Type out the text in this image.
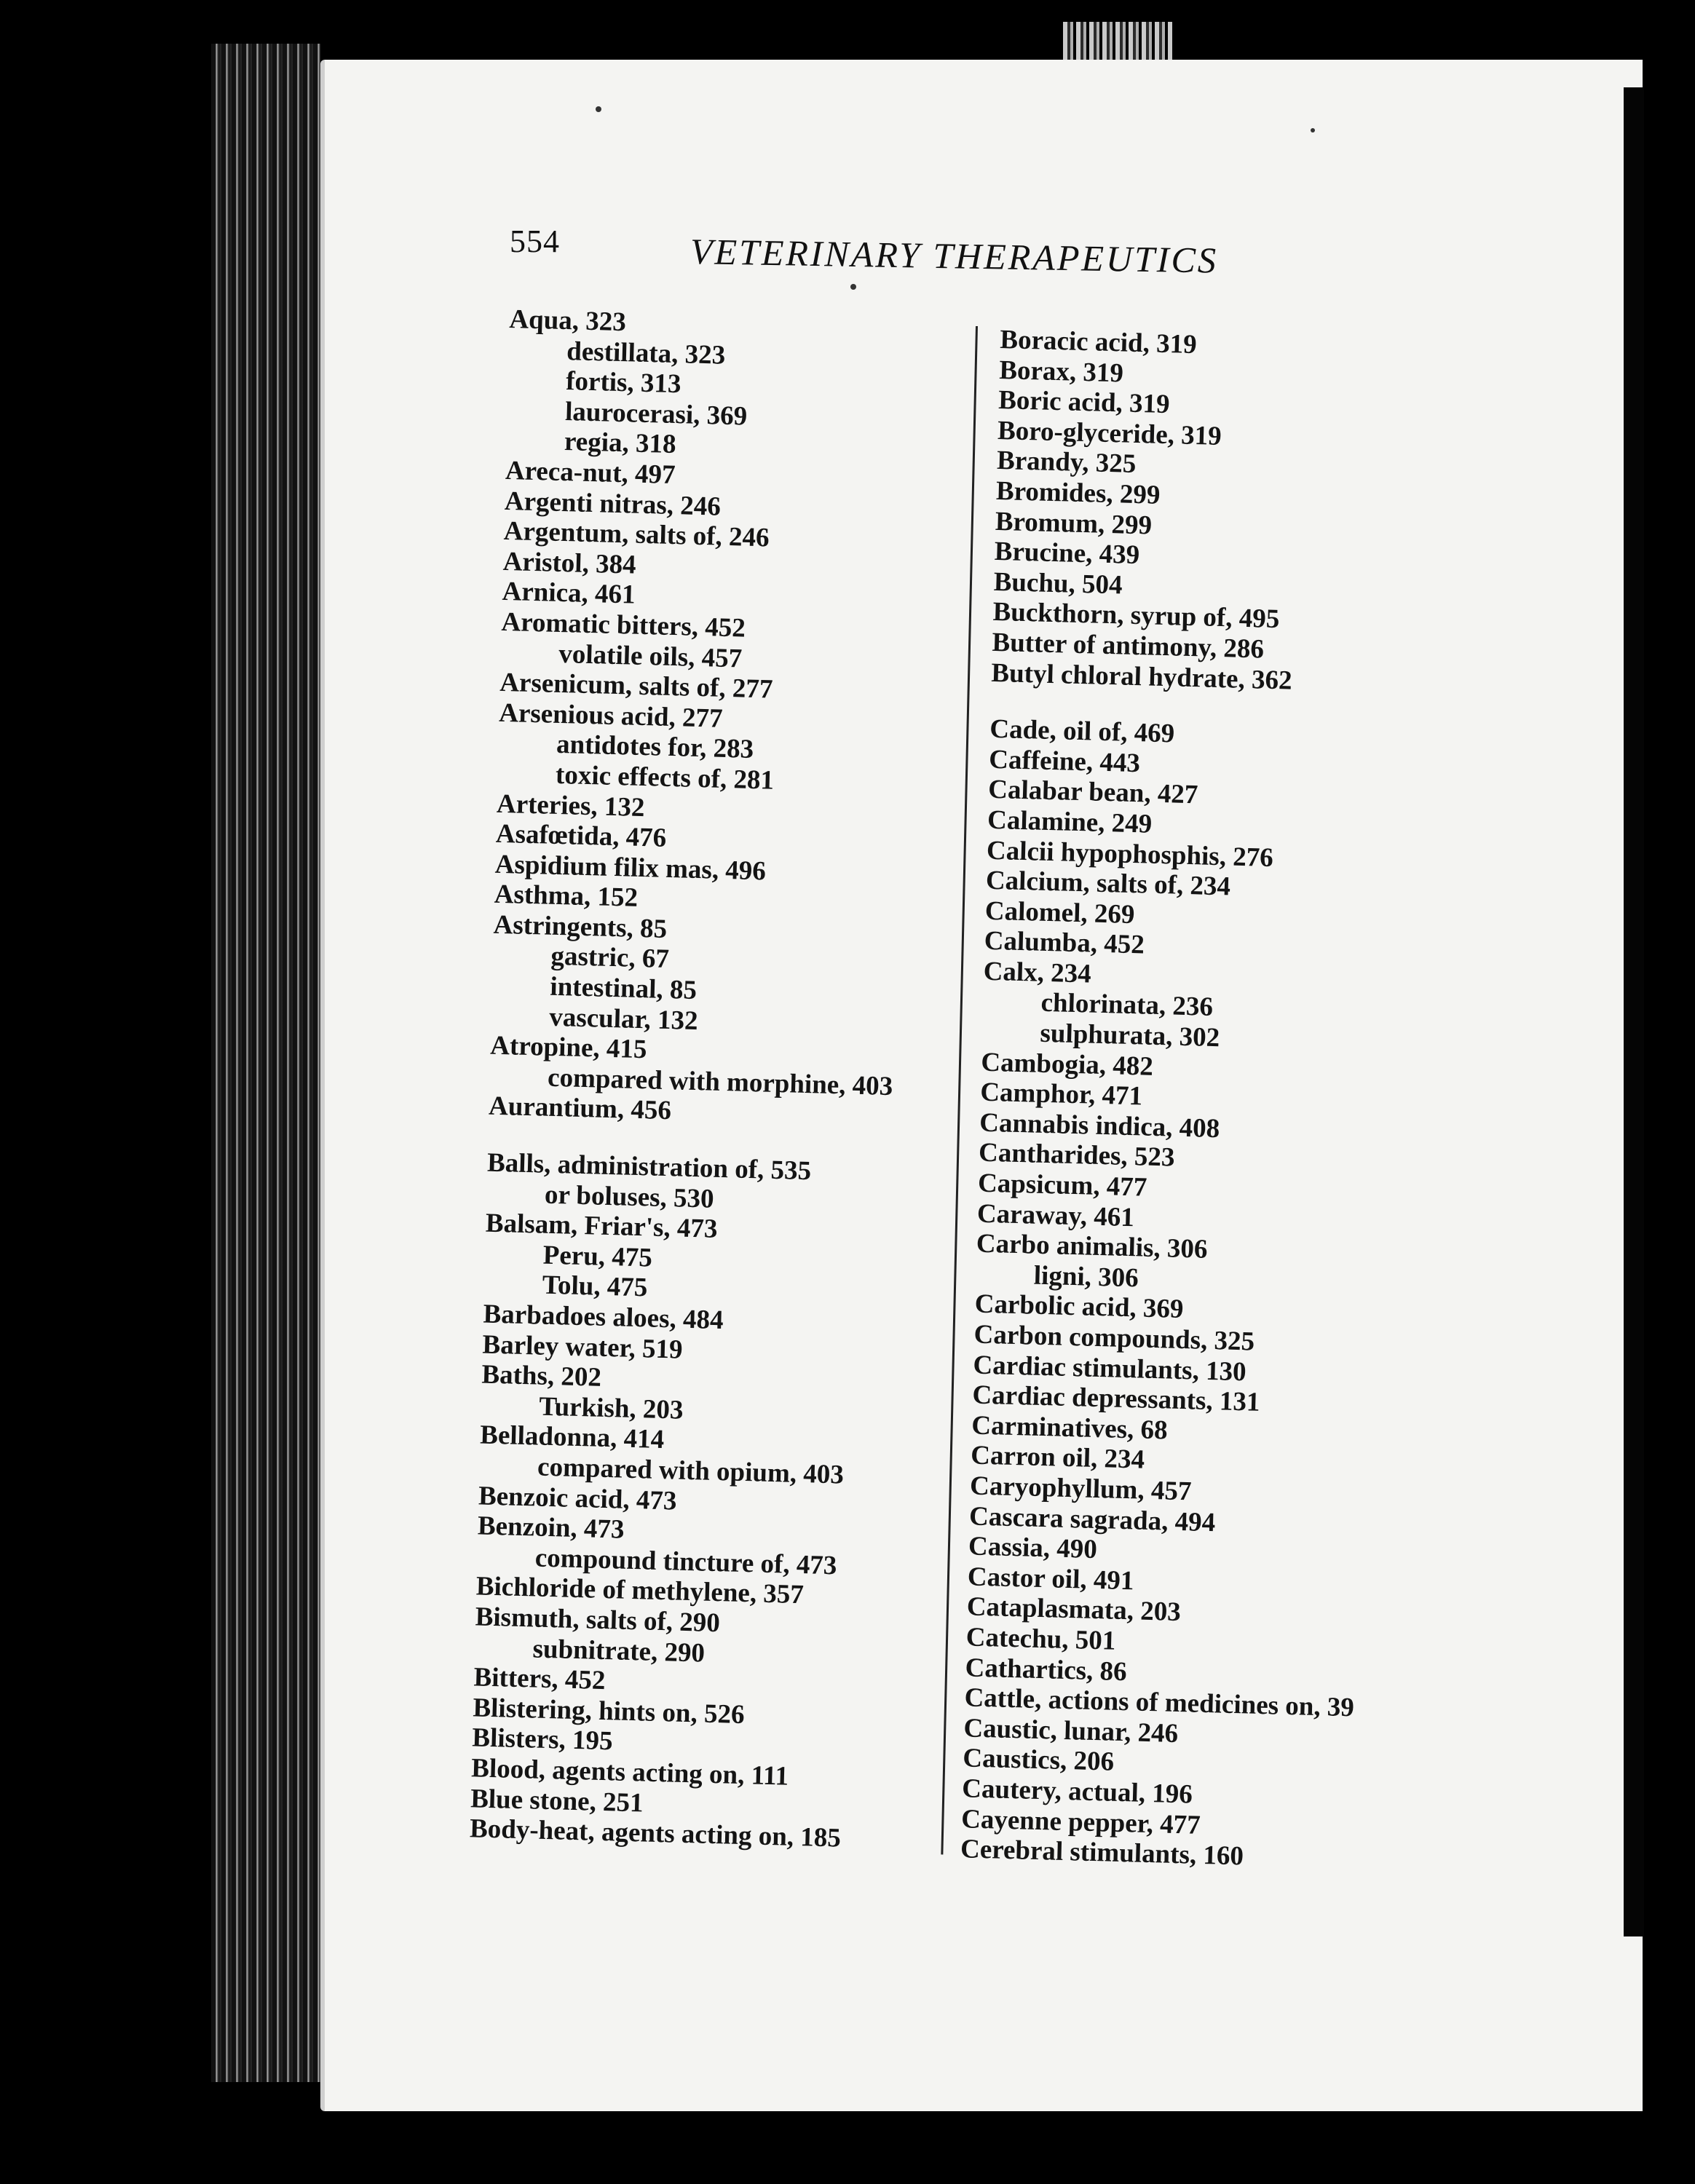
554	VETERINARY THERAPEUTICS
Aqua, 323
destillata, 323
fortis, 313
laurocerasi, 369
regia, 318
Areca-nut, 497
Argenti nitras, 246
Argentum, salts of, 246
Aristol, 384
Arnica, 461
Aromatic bitters, 452
volatile oils, 457
Arsenicum, salts of, 277
Arsenious acid, 277
antidotes for, 283
toxic effects of, 281
Arteries, 132
Asafœtida, 476
Aspidium filix mas, 496
Asthma, 152
Astringents, 85
gastric, 67
intestinal, 85
vascular, 132
Atropine, 415
compared with morphine, 403
Aurantium, 456
Balls, administration of, 535
or boluses, 530
Balsam, Friar's, 473
Peru, 475
Tolu, 475
Barbadoes aloes, 484
Barley water, 519
Baths, 202
Turkish, 203
Belladonna, 414
compared with opium, 403
Benzoic acid, 473
Benzoin, 473
compound tincture of, 473
Bichloride of methylene, 357
Bismuth, salts of, 290
subnitrate, 290
Bitters, 452
Blistering, hints on, 526
Blisters, 195
Blood, agents acting on, 111
Blue stone, 251
Body-heat, agents acting on, 185
Boracic acid, 319
Borax, 319
Boric acid, 319
Boro-glyceride, 319
Brandy, 325
Bromides, 299
Bromum, 299
Brucine, 439
Buchu, 504
Buckthorn, syrup of, 495
Butter of antimony, 286
Butyl chloral hydrate, 362
Cade, oil of, 469
Caffeine, 443
Calabar bean, 427
Calamine, 249
Calcii hypophosphis, 276
Calcium, salts of, 234
Calomel, 269
Calumba, 452
Calx, 234
chlorinata, 236
sulphurata, 302
Cambogia, 482
Camphor, 471
Cannabis indica, 408
Cantharides, 523
Capsicum, 477
Caraway, 461
Carbo animalis, 306
ligni, 306
Carbolic acid, 369
Carbon compounds, 325
Cardiac stimulants, 130
Cardiac depressants, 131
Carminatives, 68
Carron oil, 234
Caryophyllum, 457
Cascara sagrada, 494
Cassia, 490
Castor oil, 491
Cataplasmata, 203
Catechu, 501
Cathartics, 86
Cattle, actions of medicines on, 39
Caustic, lunar, 246
Caustics, 206
Cautery, actual, 196
Cayenne pepper, 477
Cerebral stimulants, 160
